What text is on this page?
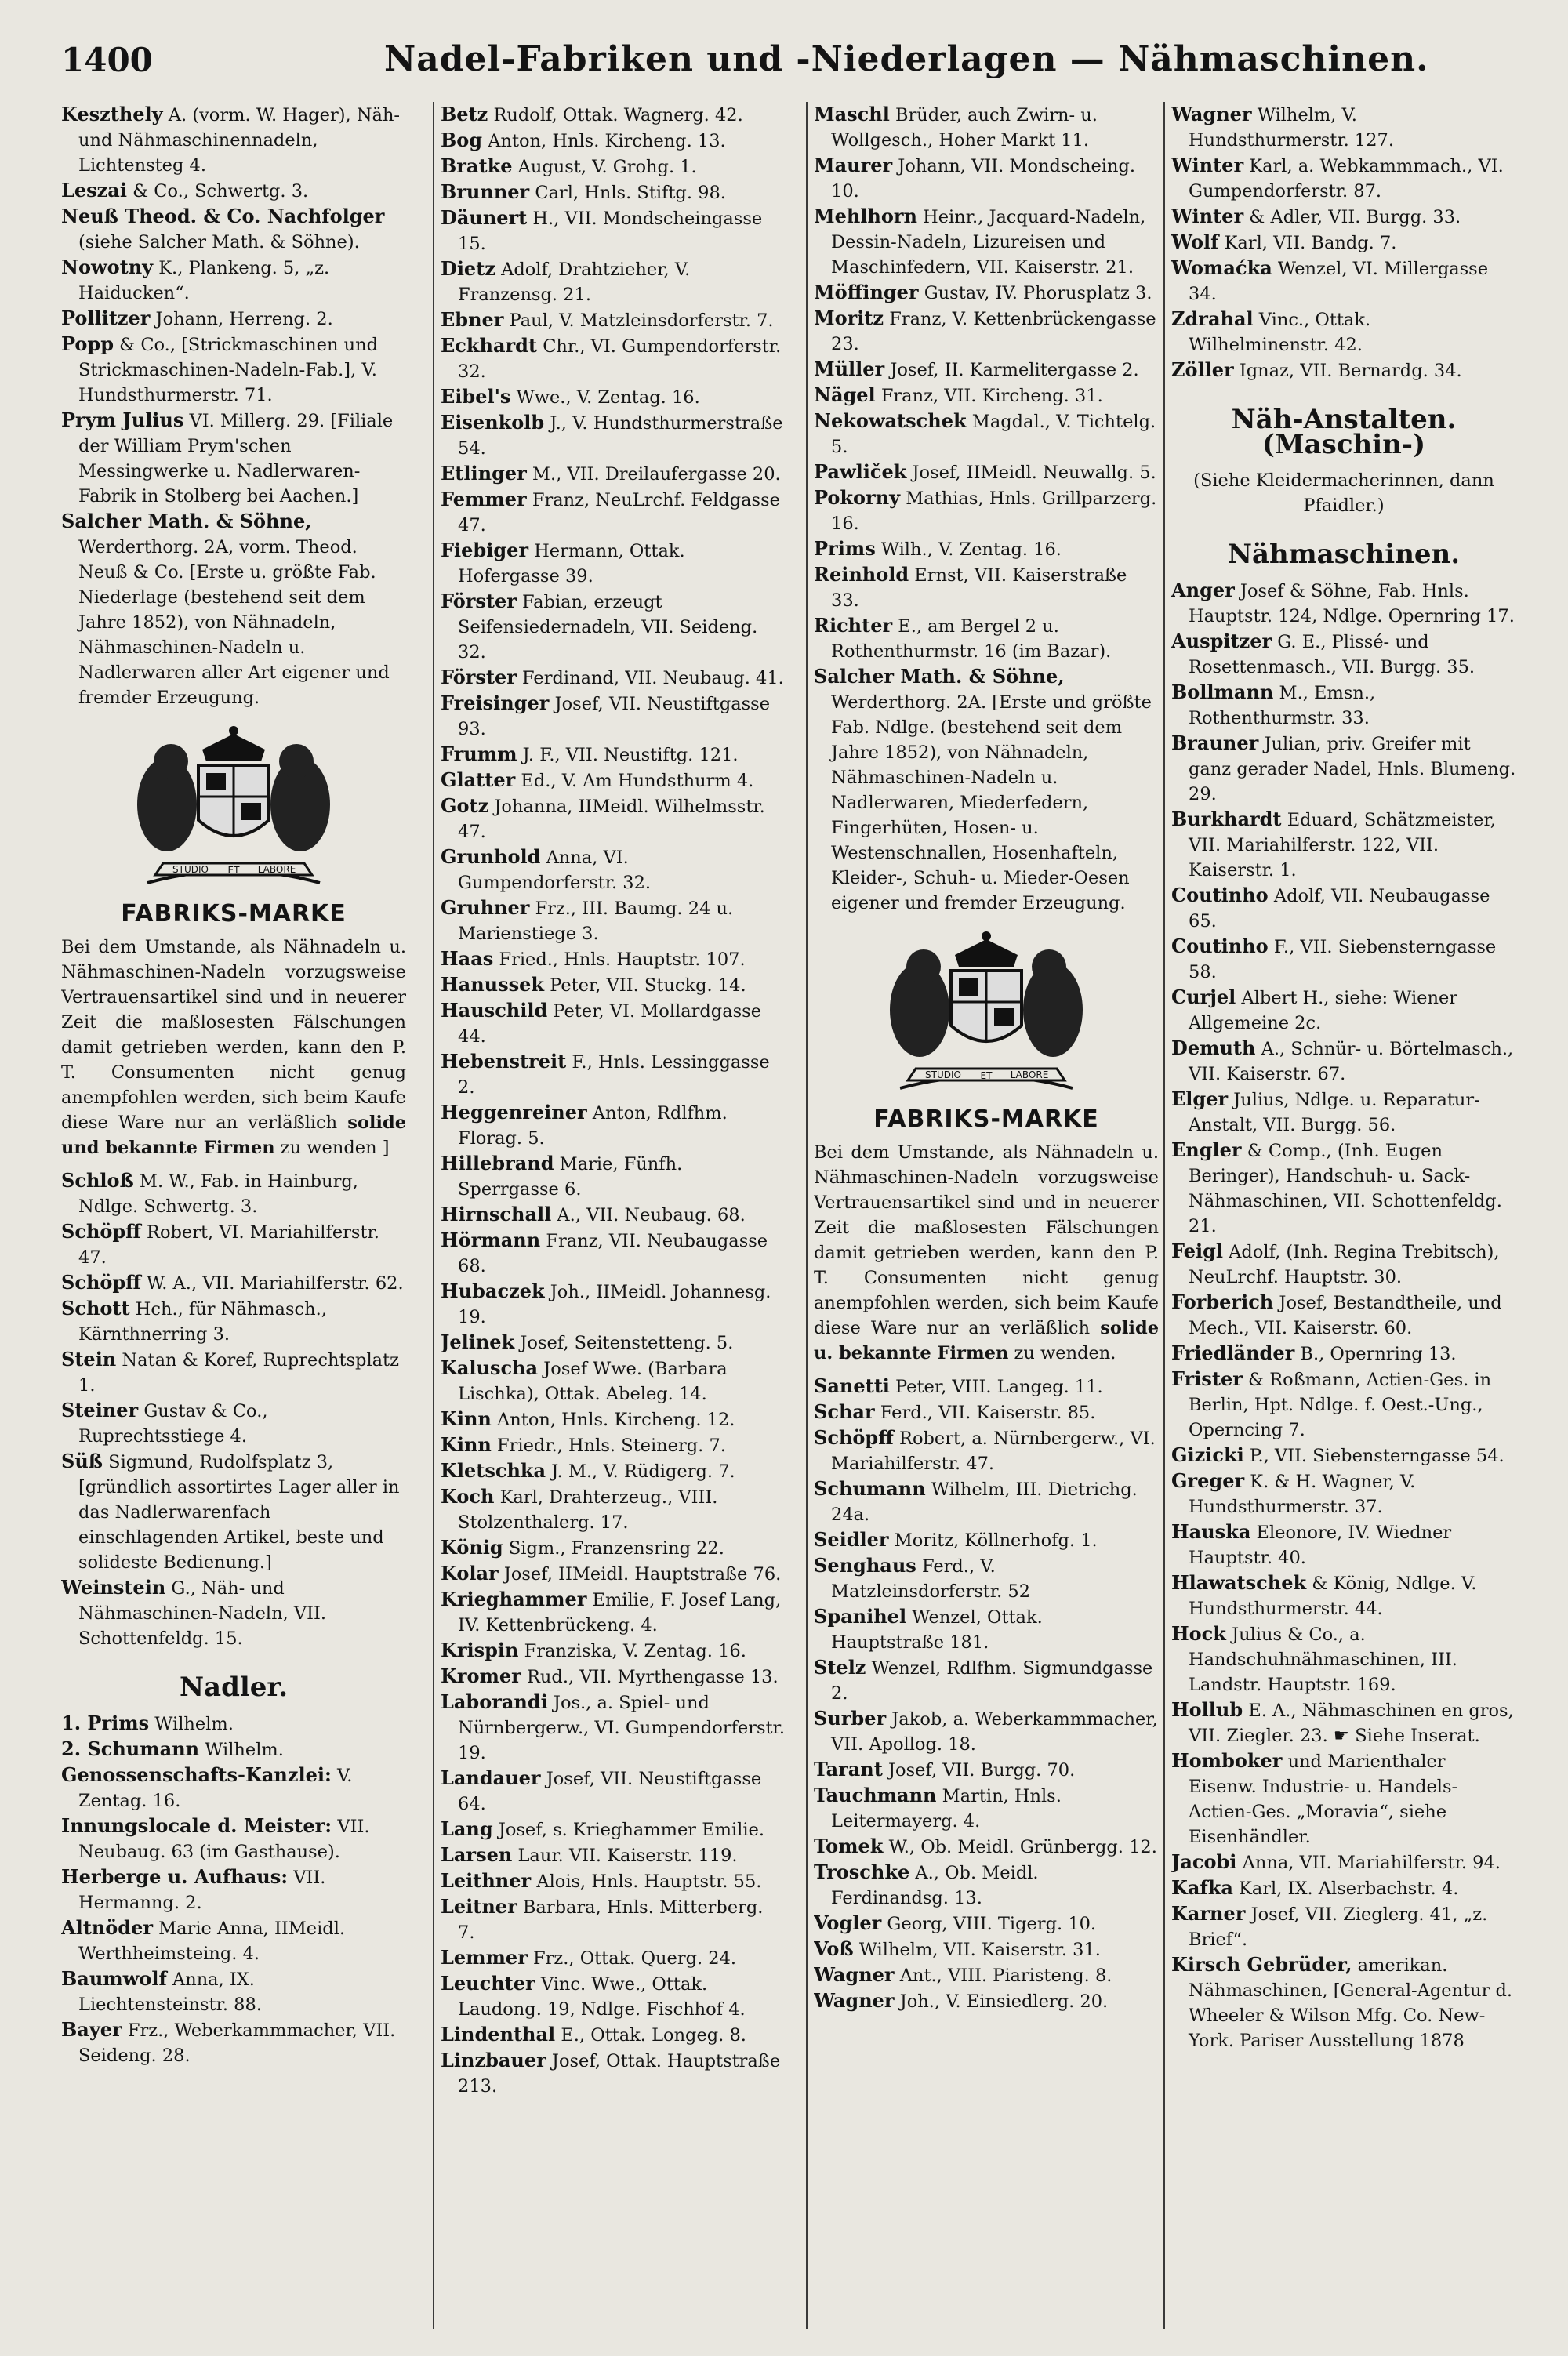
1400	Nadel-Fabriken und -Niederlagen — Nähmaschinen.
Keszthely A. (vorm. W. Hager), Näh- und Nähmaschinennadeln, Lichtensteg 4.
Leszai & Co., Schwertg. 3.
Neuß Theod. & Co. Nachfolger (siehe Salcher Math. & Söhne).
Nowotny K., Plankeng. 5, „z. Haiducken“.
Pollitzer Johann, Herreng. 2.
Popp & Co., [Strickmaschinen und Strickmaschinen-Nadeln-Fab.], V. Hundsthurmerstr. 71.
Prym Julius VI. Millerg. 29. [Filiale der William Prym'schen Messingwerke u. Nadlerwaren-Fabrik in Stolberg bei Aachen.]
Salcher Math. & Söhne, Werderthorg. 2A, vorm. Theod. Neuß & Co. [Erste u. größte Fab. Niederlage (bestehend seit dem Jahre 1852), von Nähnadeln, Nähmaschinen-Nadeln u. Nadlerwaren aller Art eigener und fremder Erzeugung.
STUDIO ET LABORE
FABRIKS-MARKE
Bei dem Umstande, als Nähnadeln u. Nähmaschinen-Nadeln vorzugsweise Vertrauensartikel sind und in neuerer Zeit die maßlosesten Fälschungen damit getrieben werden, kann den P. T. Consumenten nicht genug anempfohlen werden, sich beim Kaufe diese Ware nur an verläßlich solide und bekannte Firmen zu wenden ]
Schloß M. W., Fab. in Hainburg, Ndlge. Schwertg. 3.
Schöpff Robert, VI. Mariahilferstr. 47.
Schöpff W. A., VII. Mariahilferstr. 62.
Schott Hch., für Nähmasch., Kärnthnerring 3.
Stein Natan & Koref, Ruprechtsplatz 1.
Steiner Gustav & Co., Ruprechtsstiege 4.
Süß Sigmund, Rudolfsplatz 3, [gründlich assortirtes Lager aller in das Nadlerwarenfach einschlagenden Artikel, beste und solideste Bedienung.]
Weinstein G., Näh- und Nähmaschinen-Nadeln, VII. Schottenfeldg. 15.
Nadler.
1. Prims Wilhelm.
2. Schumann Wilhelm.
Genossenschafts-Kanzlei: V. Zentag. 16.
Innungslocale d. Meister: VII. Neubaug. 63 (im Gasthause).
Herberge u. Aufhaus: VII. Hermanng. 2.
Altnöder Marie Anna, IIMeidl. Werthheimsteing. 4.
Baumwolf Anna, IX. Liechtensteinstr. 88.
Bayer Frz., Weberkammmacher, VII. Seideng. 28.
Betz Rudolf, Ottak. Wagnerg. 42.
Bog Anton, Hnls. Kircheng. 13.
Bratke August, V. Grohg. 1.
Brunner Carl, Hnls. Stiftg. 98.
Däunert H., VII. Mondscheingasse 15.
Dietz Adolf, Drahtzieher, V. Franzensg. 21.
Ebner Paul, V. Matzleinsdorferstr. 7.
Eckhardt Chr., VI. Gumpendorferstr. 32.
Eibel's Wwe., V. Zentag. 16.
Eisenkolb J., V. Hundsthurmerstraße 54.
Etlinger M., VII. Dreilaufergasse 20.
Femmer Franz, NeuLrchf. Feldgasse 47.
Fiebiger Hermann, Ottak. Hofergasse 39.
Förster Fabian, erzeugt Seifensiedernadeln, VII. Seideng. 32.
Förster Ferdinand, VII. Neubaug. 41.
Freisinger Josef, VII. Neustiftgasse 93.
Frumm J. F., VII. Neustiftg. 121.
Glatter Ed., V. Am Hundsthurm 4.
Gotz Johanna, IIMeidl. Wilhelmsstr. 47.
Grunhold Anna, VI. Gumpendorferstr. 32.
Gruhner Frz., III. Baumg. 24 u. Marienstiege 3.
Haas Fried., Hnls. Hauptstr. 107.
Hanussek Peter, VII. Stuckg. 14.
Hauschild Peter, VI. Mollardgasse 44.
Hebenstreit F., Hnls. Lessinggasse 2.
Heggenreiner Anton, Rdlfhm. Florag. 5.
Hillebrand Marie, Fünfh. Sperrgasse 6.
Hirnschall A., VII. Neubaug. 68.
Hörmann Franz, VII. Neubaugasse 68.
Hubaczek Joh., IIMeidl. Johannesg. 19.
Jelinek Josef, Seitenstetteng. 5.
Kaluscha Josef Wwe. (Barbara Lischka), Ottak. Abeleg. 14.
Kinn Anton, Hnls. Kircheng. 12.
Kinn Friedr., Hnls. Steinerg. 7.
Kletschka J. M., V. Rüdigerg. 7.
Koch Karl, Drahterzeug., VIII. Stolzenthalerg. 17.
König Sigm., Franzensring 22.
Kolar Josef, IIMeidl. Hauptstraße 76.
Krieghammer Emilie, F. Josef Lang, IV. Kettenbrückeng. 4.
Krispin Franziska, V. Zentag. 16.
Kromer Rud., VII. Myrthengasse 13.
Laborandi Jos., a. Spiel- und Nürnbergerw., VI. Gumpendorferstr. 19.
Landauer Josef, VII. Neustiftgasse 64.
Lang Josef, s. Krieghammer Emilie.
Larsen Laur. VII. Kaiserstr. 119.
Leithner Alois, Hnls. Hauptstr. 55.
Leitner Barbara, Hnls. Mitterberg. 7.
Lemmer Frz., Ottak. Querg. 24.
Leuchter Vinc. Wwe., Ottak. Laudong. 19, Ndlge. Fischhof 4.
Lindenthal E., Ottak. Longeg. 8.
Linzbauer Josef, Ottak. Hauptstraße 213.
Maschl Brüder, auch Zwirn- u. Wollgesch., Hoher Markt 11.
Maurer Johann, VII. Mondscheing. 10.
Mehlhorn Heinr., Jacquard-Nadeln, Dessin-Nadeln, Lizureisen und Maschinfedern, VII. Kaiserstr. 21.
Möffinger Gustav, IV. Phorusplatz 3.
Moritz Franz, V. Kettenbrückengasse 23.
Müller Josef, II. Karmelitergasse 2.
Nägel Franz, VII. Kircheng. 31.
Nekowatschek Magdal., V. Tichtelg. 5.
Pawliček Josef, IIMeidl. Neuwallg. 5.
Pokorny Mathias, Hnls. Grillparzerg. 16.
Prims Wilh., V. Zentag. 16.
Reinhold Ernst, VII. Kaiserstraße 33.
Richter E., am Bergel 2 u. Rothenthurmstr. 16 (im Bazar).
Salcher Math. & Söhne, Werderthorg. 2A. [Erste und größte Fab. Ndlge. (bestehend seit dem Jahre 1852), von Nähnadeln, Nähmaschinen-Nadeln u. Nadlerwaren, Miederfedern, Fingerhüten, Hosen- u. Westenschnallen, Hosenhafteln, Kleider-, Schuh- u. Mieder-Oesen eigener und fremder Erzeugung.
STUDIO ET LABORE
FABRIKS-MARKE
Bei dem Umstande, als Nähnadeln u. Nähmaschinen-Nadeln vorzugsweise Vertrauensartikel sind und in neuerer Zeit die maßlosesten Fälschungen damit getrieben werden, kann den P. T. Consumenten nicht genug anempfohlen werden, sich beim Kaufe diese Ware nur an verläßlich solide u. bekannte Firmen zu wenden.
Sanetti Peter, VIII. Langeg. 11.
Schar Ferd., VII. Kaiserstr. 85.
Schöpff Robert, a. Nürnbergerw., VI. Mariahilferstr. 47.
Schumann Wilhelm, III. Dietrichg. 24a.
Seidler Moritz, Köllnerhofg. 1.
Senghaus Ferd., V. Matzleinsdorferstr. 52
Spanihel Wenzel, Ottak. Hauptstraße 181.
Stelz Wenzel, Rdlfhm. Sigmundgasse 2.
Surber Jakob, a. Weberkammmacher, VII. Apollog. 18.
Tarant Josef, VII. Burgg. 70.
Tauchmann Martin, Hnls. Leitermayerg. 4.
Tomek W., Ob. Meidl. Grünbergg. 12.
Troschke A., Ob. Meidl. Ferdinandsg. 13.
Vogler Georg, VIII. Tigerg. 10.
Voß Wilhelm, VII. Kaiserstr. 31.
Wagner Ant., VIII. Piaristeng. 8.
Wagner Joh., V. Einsiedlerg. 20.
Wagner Wilhelm, V. Hundsthurmerstr. 127.
Winter Karl, a. Webkammmach., VI. Gumpendorferstr. 87.
Winter & Adler, VII. Burgg. 33.
Wolf Karl, VII. Bandg. 7.
Womaćka Wenzel, VI. Millergasse 34.
Zdrahal Vinc., Ottak. Wilhelminenstr. 42.
Zöller Ignaz, VII. Bernardg. 34.
Näh-Anstalten. (Maschin-)
(Siehe Kleidermacherinnen, dann Pfaidler.)
Nähmaschinen.
Anger Josef & Söhne, Fab. Hnls. Hauptstr. 124, Ndlge. Opernring 17.
Auspitzer G. E., Plissé- und Rosettenmasch., VII. Burgg. 35.
Bollmann M., Emsn., Rothenthurmstr. 33.
Brauner Julian, priv. Greifer mit ganz gerader Nadel, Hnls. Blumeng. 29.
Burkhardt Eduard, Schätzmeister, VII. Mariahilferstr. 122, VII. Kaiserstr. 1.
Coutinho Adolf, VII. Neubaugasse 65.
Coutinho F., VII. Siebensterngasse 58.
Curjel Albert H., siehe: Wiener Allgemeine 2c.
Demuth A., Schnür- u. Börtelmasch., VII. Kaiserstr. 67.
Elger Julius, Ndlge. u. Reparatur-Anstalt, VII. Burgg. 56.
Engler & Comp., (Inh. Eugen Beringer), Handschuh- u. Sack-Nähmaschinen, VII. Schottenfeldg. 21.
Feigl Adolf, (Inh. Regina Trebitsch), NeuLrchf. Hauptstr. 30.
Forberich Josef, Bestandtheile, und Mech., VII. Kaiserstr. 60.
Friedländer B., Opernring 13.
Frister & Roßmann, Actien-Ges. in Berlin, Hpt. Ndlge. f. Oest.-Ung., Operncing 7.
Gizicki P., VII. Siebensterngasse 54.
Greger K. & H. Wagner, V. Hundsthurmerstr. 37.
Hauska Eleonore, IV. Wiedner Hauptstr. 40.
Hlawatschek & König, Ndlge. V. Hundsthurmerstr. 44.
Hock Julius & Co., a. Handschuhnähmaschinen, III. Landstr. Hauptstr. 169.
Hollub E. A., Nähmaschinen en gros, VII. Ziegler. 23. ☛ Siehe Inserat.
Homboker und Marienthaler Eisenw. Industrie- u. Handels-Actien-Ges. „Moravia“, siehe Eisenhändler.
Jacobi Anna, VII. Mariahilferstr. 94.
Kafka Karl, IX. Alserbachstr. 4.
Karner Josef, VII. Zieglerg. 41, „z. Brief“.
Kirsch Gebrüder, amerikan. Nähmaschinen, [General-Agentur d. Wheeler & Wilson Mfg. Co. New-York. Pariser Ausstellung 1878
